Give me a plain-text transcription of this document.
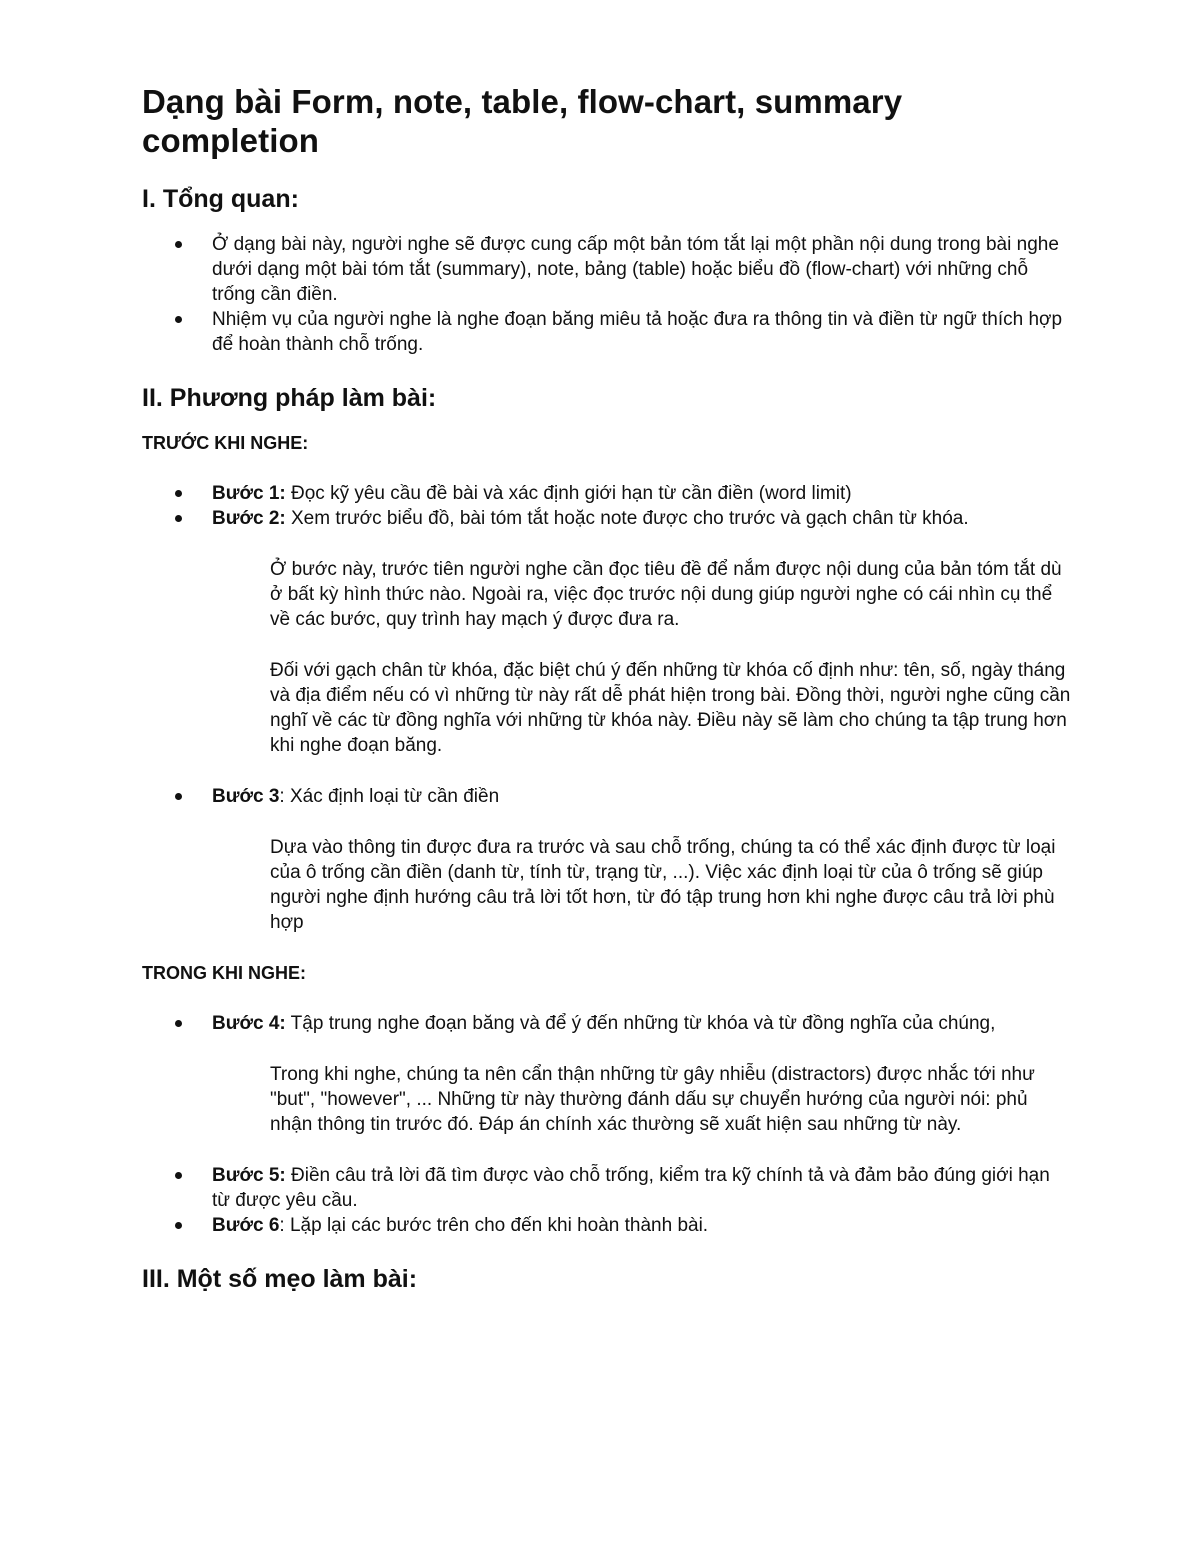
Dạng bài Form, note, table, flow-chart, summary completion
I. Tổng quan:
Ở dạng bài này, người nghe sẽ được cung cấp một bản tóm tắt lại một phần nội dung trong bài nghe dưới dạng một bài tóm tắt (summary), note, bảng (table) hoặc biểu đồ (flow-chart) với những chỗ trống cần điền.
Nhiệm vụ của người nghe là nghe đoạn băng miêu tả hoặc đưa ra thông tin và điền từ ngữ thích hợp để hoàn thành chỗ trống.
II. Phương pháp làm bài:
TRƯỚC KHI NGHE:
Bước 1: Đọc kỹ yêu cầu đề bài và xác định giới hạn từ cần điền (word limit)
Bước 2: Xem trước biểu đồ, bài tóm tắt hoặc note được cho trước và gạch chân từ khóa.

Ở bước này, trước tiên người nghe cần đọc tiêu đề để nắm được nội dung của bản tóm tắt dù ở bất kỳ hình thức nào. Ngoài ra, việc đọc trước nội dung giúp người nghe có cái nhìn cụ thể về các bước, quy trình hay mạch ý được đưa ra.

Đối với gạch chân từ khóa, đặc biệt chú ý đến những từ khóa cố định như: tên, số, ngày tháng và địa điểm nếu có vì những từ này rất dễ phát hiện trong bài. Đồng thời, người nghe cũng cần nghĩ về các từ đồng nghĩa với những từ khóa này. Điều này sẽ làm cho chúng ta tập trung hơn khi nghe đoạn băng.

Bước 3: Xác định loại từ cần điền

Dựa vào thông tin được đưa ra trước và sau chỗ trống, chúng ta có thể xác định được từ loại của ô trống cần điền (danh từ, tính từ, trạng từ, ...). Việc xác định loại từ của ô trống sẽ giúp người nghe định hướng câu trả lời tốt hơn, từ đó tập trung hơn khi nghe được câu trả lời phù hợp

TRONG KHI NGHE:
Bước 4: Tập trung nghe đoạn băng và để ý đến những từ khóa và từ đồng nghĩa của chúng,

Trong khi nghe, chúng ta nên cẩn thận những từ gây nhiễu (distractors) được nhắc tới như "but", "however", ... Những từ này thường đánh dấu sự chuyển hướng của người nói: phủ nhận thông tin trước đó. Đáp án chính xác thường sẽ xuất hiện sau những từ này.

Bước 5: Điền câu trả lời đã tìm được vào chỗ trống, kiểm tra kỹ chính tả và đảm bảo đúng giới hạn từ được yêu cầu.
Bước 6: Lặp lại các bước trên cho đến khi hoàn thành bài.
III. Một số mẹo làm bài:
